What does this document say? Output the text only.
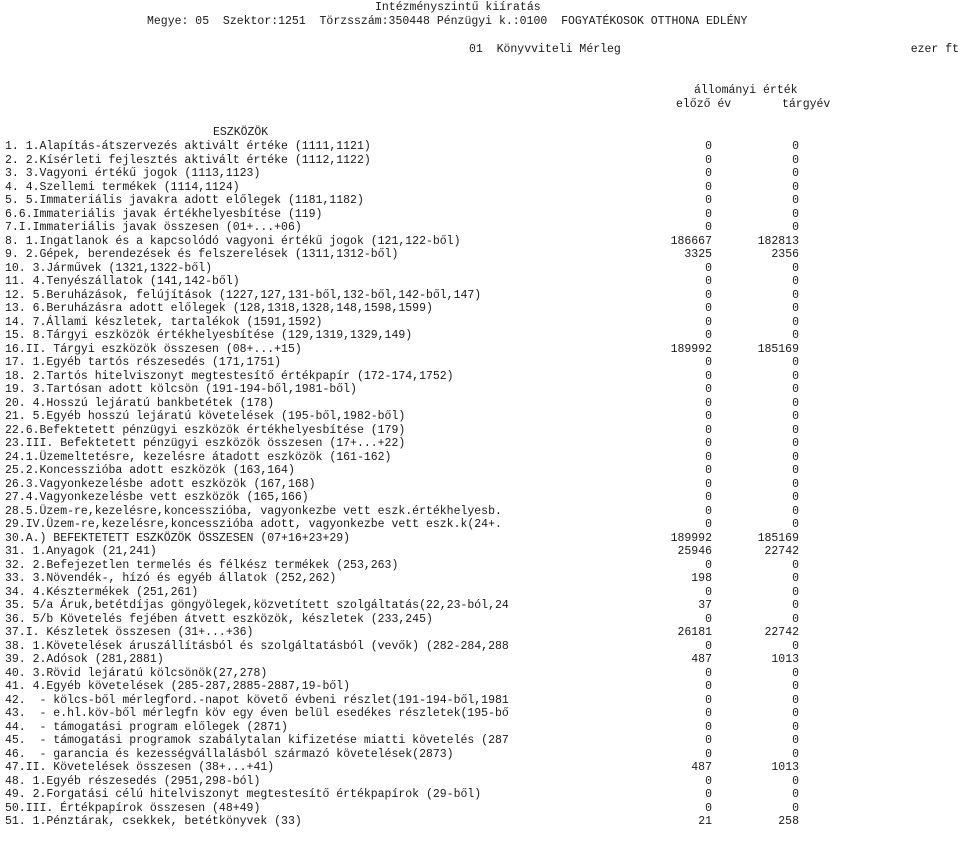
Intézményszintű kiíratás
Megye: 05  Szektor:1251  Törzsszám:350448 Pénzügyi k.:0100  FOGYATÉKOSOK OTTHONA EDLÉNY
01  Könyvviteli Mérleg	ezer ft
állományi érték
előző év	tárgyév
ESZKÖZÖK
1. 1.Alapítás-átszervezés aktivált értéke (1111,1121)	0	0
2. 2.Kísérleti fejlesztés aktivált értéke (1112,1122)	0	0
3. 3.Vagyoni értékű jogok (1113,1123)	0	0
4. 4.Szellemi termékek (1114,1124)	0	0
5. 5.Immateriális javakra adott előlegek (1181,1182)	0	0
6.6.Immateriális javak értékhelyesbítése (119)	0	0
7.I.Immateriális javak összesen (01+...+06)	0	0
8. 1.Ingatlanok és a kapcsolódó vagyoni értékű jogok (121,122-ből)	186667	182813
9. 2.Gépek, berendezések és felszerelések (1311,1312-ből)	3325	2356
10. 3.Járművek (1321,1322-ből)	0	0
11. 4.Tenyészállatok (141,142-ből)	0	0
12. 5.Beruházások, felújítások (1227,127,131-ből,132-ből,142-ből,147)	0	0
13. 6.Beruházásra adott előlegek (128,1318,1328,148,1598,1599)	0	0
14. 7.Állami készletek, tartalékok (1591,1592)	0	0
15. 8.Tárgyi eszközök értékhelyesbítése (129,1319,1329,149)	0	0
16.II. Tárgyi eszközök összesen (08+...+15)	189992	185169
17. 1.Egyéb tartós részesedés (171,1751)	0	0
18. 2.Tartós hitelviszonyt megtestesítő értékpapír (172-174,1752)	0	0
19. 3.Tartósan adott kölcsön (191-194-ből,1981-ből)	0	0
20. 4.Hosszú lejáratú bankbetétek (178)	0	0
21. 5.Egyéb hosszú lejáratú követelések (195-ből,1982-ből)	0	0
22.6.Befektetett pénzügyi eszközök értékhelyesbítése (179)	0	0
23.III. Befektetett pénzügyi eszközök összesen (17+...+22)	0	0
24.1.Üzemeltetésre, kezelésre átadott eszközök (161-162)	0	0
25.2.Koncesszióba adott eszközök (163,164)	0	0
26.3.Vagyonkezelésbe adott eszközök (167,168)	0	0
27.4.Vagyonkezelésbe vett eszközök (165,166)	0	0
28.5.Üzem-re,kezelésre,koncesszióba, vagyonkezbe vett eszk.értékhelyesb.	0	0
29.IV.Üzem-re,kezelésre,koncesszióba adott, vagyonkezbe vett eszk.k(24+.	0	0
30.A.) BEFEKTETETT ESZKÖZÖK ÖSSZESEN (07+16+23+29)	189992	185169
31. 1.Anyagok (21,241)	25946	22742
32. 2.Befejezetlen termelés és félkész termékek (253,263)	0	0
33. 3.Növendék-, hízó és egyéb állatok (252,262)	198	0
34. 4.Késztermékek (251,261)	0	0
35. 5/a Áruk,betétdíjas göngyölegek,közvetített szolgáltatás(22,23-ból,24	37	0
36. 5/b Követelés fejében átvett eszközök, készletek (233,245)	0	0
37.I. Készletek összesen (31+...+36)	26181	22742
38. 1.Követelések áruszállításból és szolgáltatásból (vevők) (282-284,288	0	0
39. 2.Adósok (281,2881)	487	1013
40. 3.Rövid lejáratú kölcsönök(27,278)	0	0
41. 4.Egyéb követelések (285-287,2885-2887,19-ből)	0	0
42.  - kölcs-ből mérlegford.-napot követő évbeni részlet(191-194-ből,1981	0	0
43.  - e.hl.köv-ből mérlegfn köv egy éven belül esedékes részletek(195-bő	0	0
44.  - támogatási program előlegek (2871)	0	0
45.  - támogatási programok szabálytalan kifizetése miatti követelés (287	0	0
46.  - garancia és kezességvállalásból származó követelések(2873)	0	0
47.II. Követelések összesen (38+...+41)	487	1013
48. 1.Egyéb részesedés (2951,298-ból)	0	0
49. 2.Forgatási célú hitelviszonyt megtestesítő értékpapírok (29-ből)	0	0
50.III. Értékpapírok összesen (48+49)	0	0
51. 1.Pénztárak, csekkek, betétkönyvek (33)	21	258
